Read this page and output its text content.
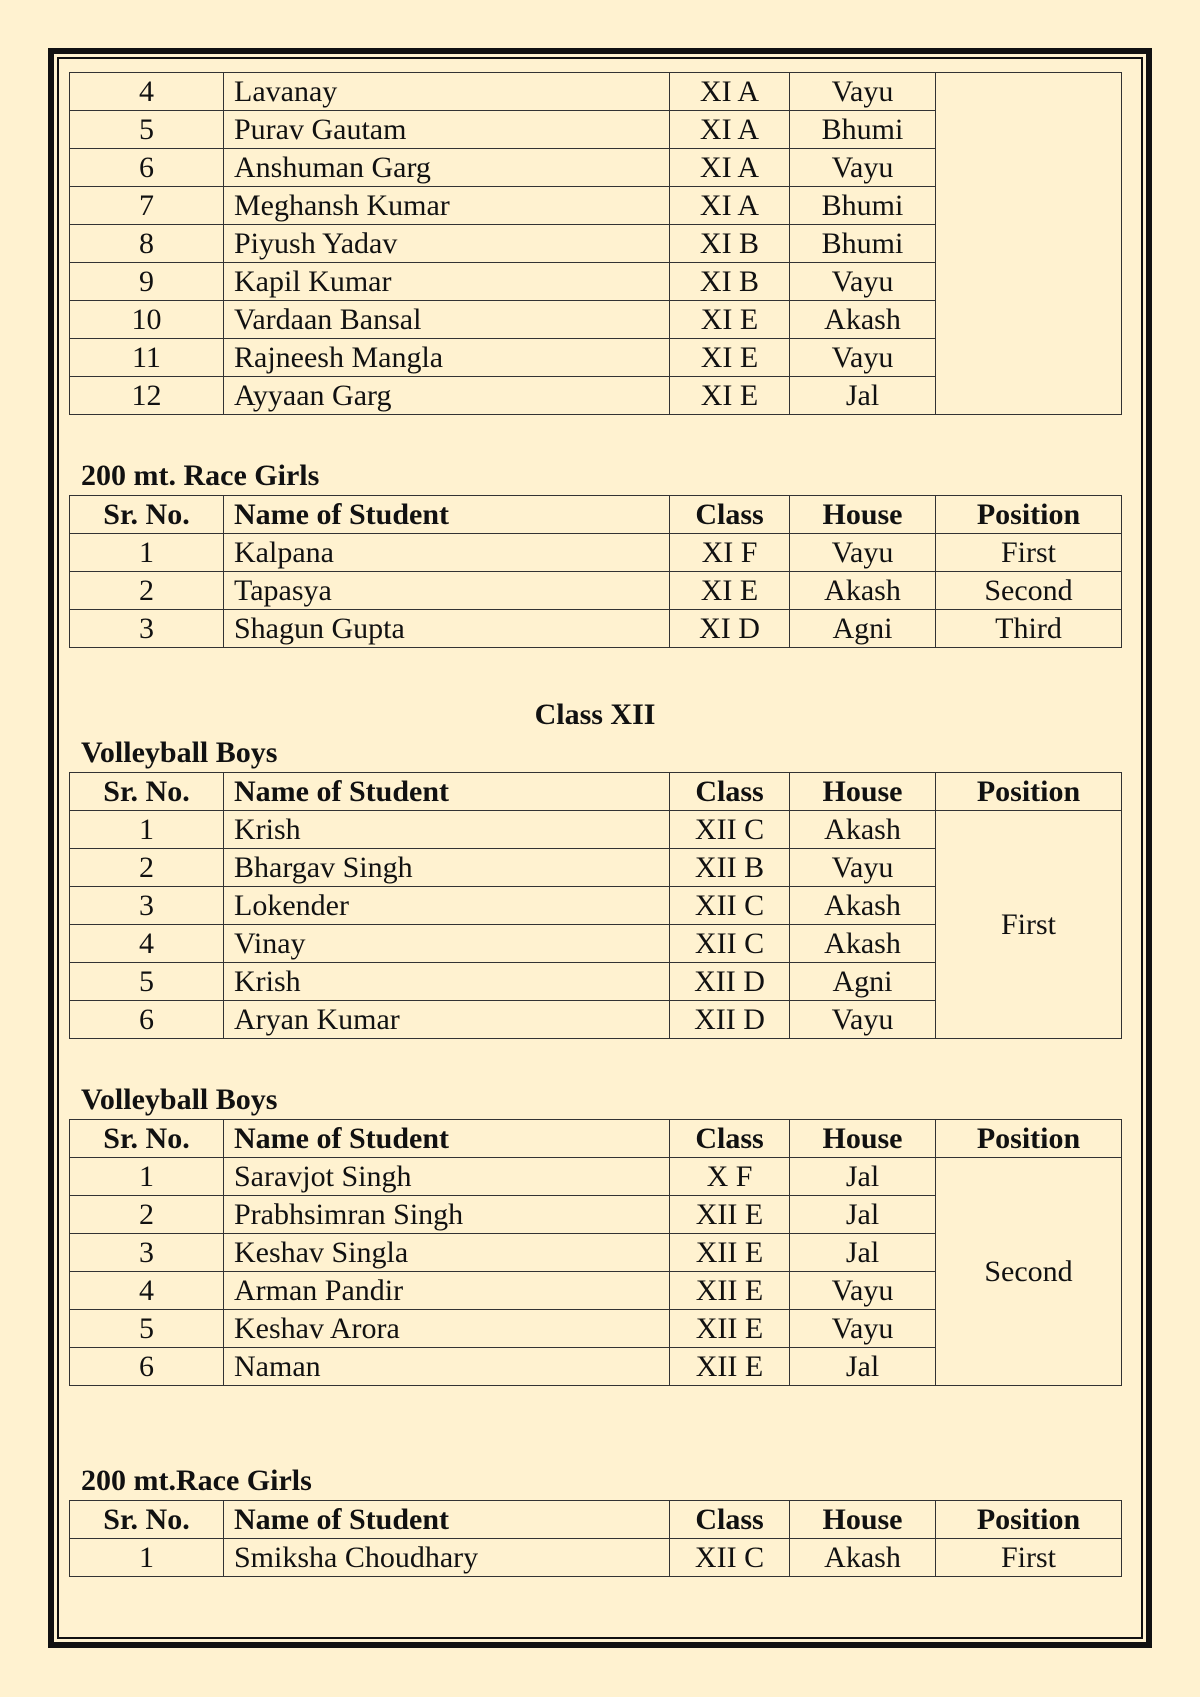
4	Lavanay	XI A	Vayu	
5	Purav Gautam	XI A	Bhumi	
6	Anshuman Garg	XI A	Vayu	
7	Meghansh Kumar	XI A	Bhumi	
8	Piyush Yadav	XI B	Bhumi	
9	Kapil Kumar	XI B	Vayu	
10	Vardaan Bansal	XI E	Akash	
11	Rajneesh Mangla	XI E	Vayu	
12	Ayyaan Garg	XI E	Jal	
200 mt. Race Girls
Sr. No.	Name of Student	Class	House	Position
1	Kalpana	XI F	Vayu	First
2	Tapasya	XI E	Akash	Second
3	Shagun Gupta	XI D	Agni	Third
Class XII
Volleyball Boys
Sr. No.	Name of Student	Class	House	Position
1	Krish	XII C	Akash	First
2	Bhargav Singh	XII B	Vayu	
3	Lokender	XII C	Akash	
4	Vinay	XII C	Akash	
5	Krish	XII D	Agni	
6	Aryan Kumar	XII D	Vayu	
Volleyball Boys
Sr. No.	Name of Student	Class	House	Position
1	Saravjot Singh	X F	Jal	Second
2	Prabhsimran Singh	XII E	Jal	
3	Keshav Singla	XII E	Jal	
4	Arman Pandir	XII E	Vayu	
5	Keshav Arora	XII E	Vayu	
6	Naman	XII E	Jal	
200 mt.Race Girls
Sr. No.	Name of Student	Class	House	Position
1	Smiksha Choudhary	XII C	Akash	First
